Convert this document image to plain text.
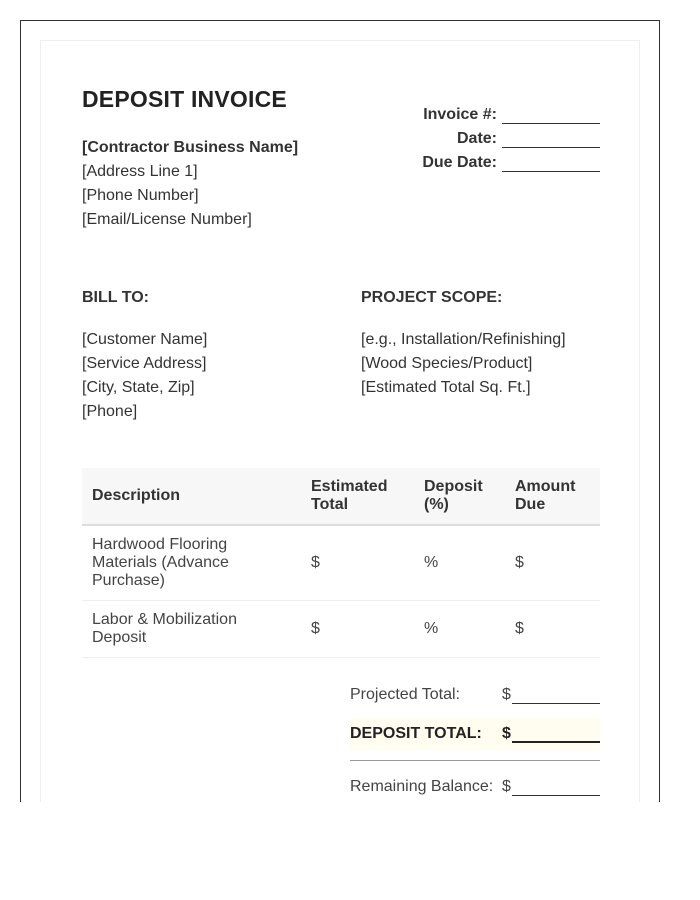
DEPOSIT INVOICE
[Contractor Business Name]
[Address Line 1]
[Phone Number]
[Email/License Number]
Invoice #:
Date:
Due Date:
BILL TO:
[Customer Name]
[Service Address]
[City, State, Zip]
[Phone]
PROJECT SCOPE:
[e.g., Installation/Refinishing]
[Wood Species/Product]
[Estimated Total Sq. Ft.]
Description	Estimated Total	Deposit (%)	Amount Due
Hardwood Flooring Materials (Advance Purchase)	$	%	$
Labor & Mobilization Deposit	$	%	$
Projected Total:	$
DEPOSIT TOTAL:	$
Remaining Balance: $
